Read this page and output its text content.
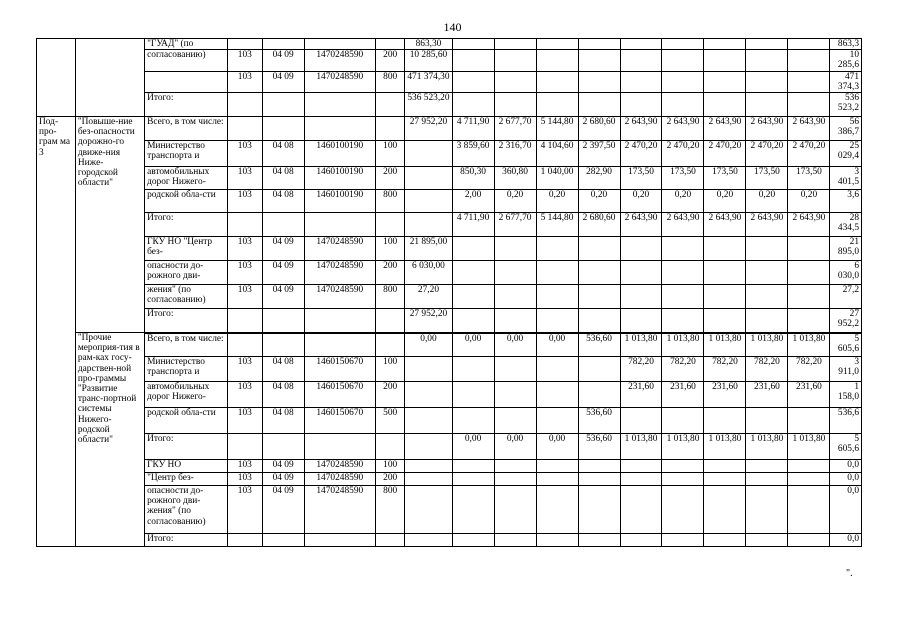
140
		"ГУАД" (по					863,30										863,3
		согласованию)	103	04 09	1470248590	200	10 285,60										10 285,6
			103	04 09	1470248590	800	471 374,30										471 374,3
		Итого:					536 523,20										536 523,2
Под-про-грам ма 3	"Повыше-ние без-опасности дорожно-го движе-ния Нижe-городской области"	Всего, в том числе:					27 952,20	4 711,90	2 677,70	5 144,80	2 680,60	2 643,90	2 643,90	2 643,90	2 643,90	2 643,90	56 386,7
		Министерство транспорта и	103	04 08	1460100190	100		3 859,60	2 316,70	4 104,60	2 397,50	2 470,20	2 470,20	2 470,20	2 470,20	2 470,20	25 029,4
		автомобильных дорог Нижего-	103	04 08	1460100190	200		850,30	360,80	1 040,00	282,90	173,50	173,50	173,50	173,50	173,50	3 401,5
		родской обла-сти	103	04 08	1460100190	800		2,00	0,20	0,20	0,20	0,20	0,20	0,20	0,20	0,20	3,6
		Итого:						4 711,90	2 677,70	5 144,80	2 680,60	2 643,90	2 643,90	2 643,90	2 643,90	2 643,90	28 434,5
		ГКУ НО "Центр без-	103	04 09	1470248590	100	21 895,00										21 895,0
		опасности до-рожного дви-	103	04 09	1470248590	200	6 030,00										6 030,0
		жения" (по согласованию)	103	04 09	1470248590	800	27,20										27,2
		Итого:					27 952,20										27 952,2
	"Прочие мероприя-тия в рам-ках госу-дарствен-ной про-граммы "Развитие транс-портной системы Нижего-родской области"	Всего, в том числе:					0,00	0,00	0,00	0,00	536,60	1 013,80	1 013,80	1 013,80	1 013,80	1 013,80	5 605,6
		Министерство транспорта и	103	04 08	1460150670	100						782,20	782,20	782,20	782,20	782,20	3 911,0
		автомобильных дорог Нижего-	103	04 08	1460150670	200						231,60	231,60	231,60	231,60	231,60	1 158,0
		родской обла-сти	103	04 08	1460150670	500					536,60						536,6
		Итого:						0,00	0,00	0,00	536,60	1 013,80	1 013,80	1 013,80	1 013,80	1 013,80	5 605,6
		ГКУ НО	103	04 09	1470248590	100											0,0
		"Центр без-	103	04 09	1470248590	200											0,0
		опасности до-рожного дви-жения" (по согласованию)	103	04 09	1470248590	800											0,0
		Итого:															0,0
".
